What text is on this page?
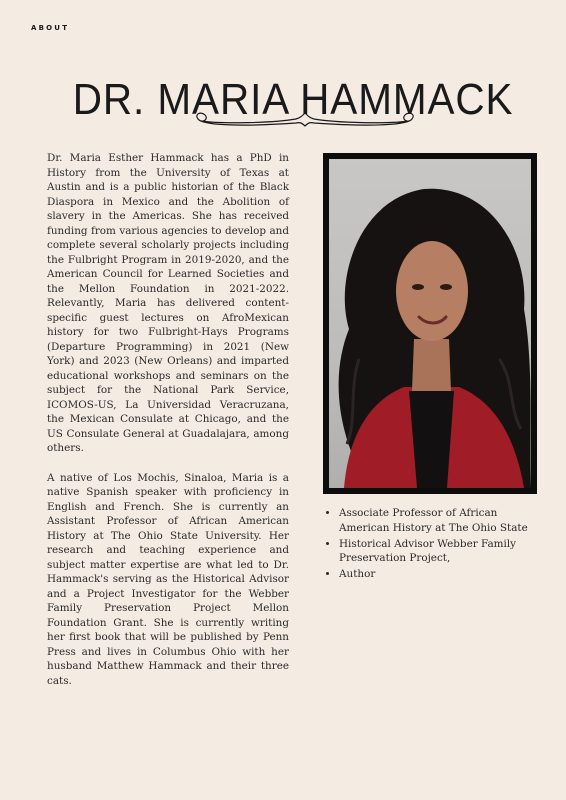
ABOUT
DR. MARIA HAMMACK

Dr. Maria Esther Hammack has a PhD in History from the University of Texas at Austin and is a public historian of the Black Diaspora in Mexico and the Abolition of slavery in the Americas. She has received funding from various agencies to develop and complete several scholarly projects including the Fulbright Program in 2019-2020, and the American Council for Learned Societies and the Mellon Foundation in 2021-2022. Relevantly, Maria has delivered content-specific guest lectures on AfroMexican history for two Fulbright-Hays Programs (Departure Programming) in 2021 (New York) and 2023 (New Orleans) and imparted educational workshops and seminars on the subject for the National Park Service, ICOMOS-US, La Universidad Veracruzana, the Mexican Consulate at Chicago, and the US Consulate General at Guadalajara, among others.

A native of Los Mochis, Sinaloa, Maria is a native Spanish speaker with proficiency in English and French. She is currently an Assistant Professor of African American History at The Ohio State University. Her research and teaching experience and subject matter expertise are what led to Dr. Hammack's serving as the Historical Advisor and a Project Investigator for the Webber Family Preservation Project Mellon Foundation Grant. She is currently writing her first book that will be published by Penn Press and lives in Columbus Ohio with her husband Matthew Hammack and their three cats.

• Associate Professor of African American History at The Ohio State
• Historical Advisor Webber Family Preservation Project,
• Author
